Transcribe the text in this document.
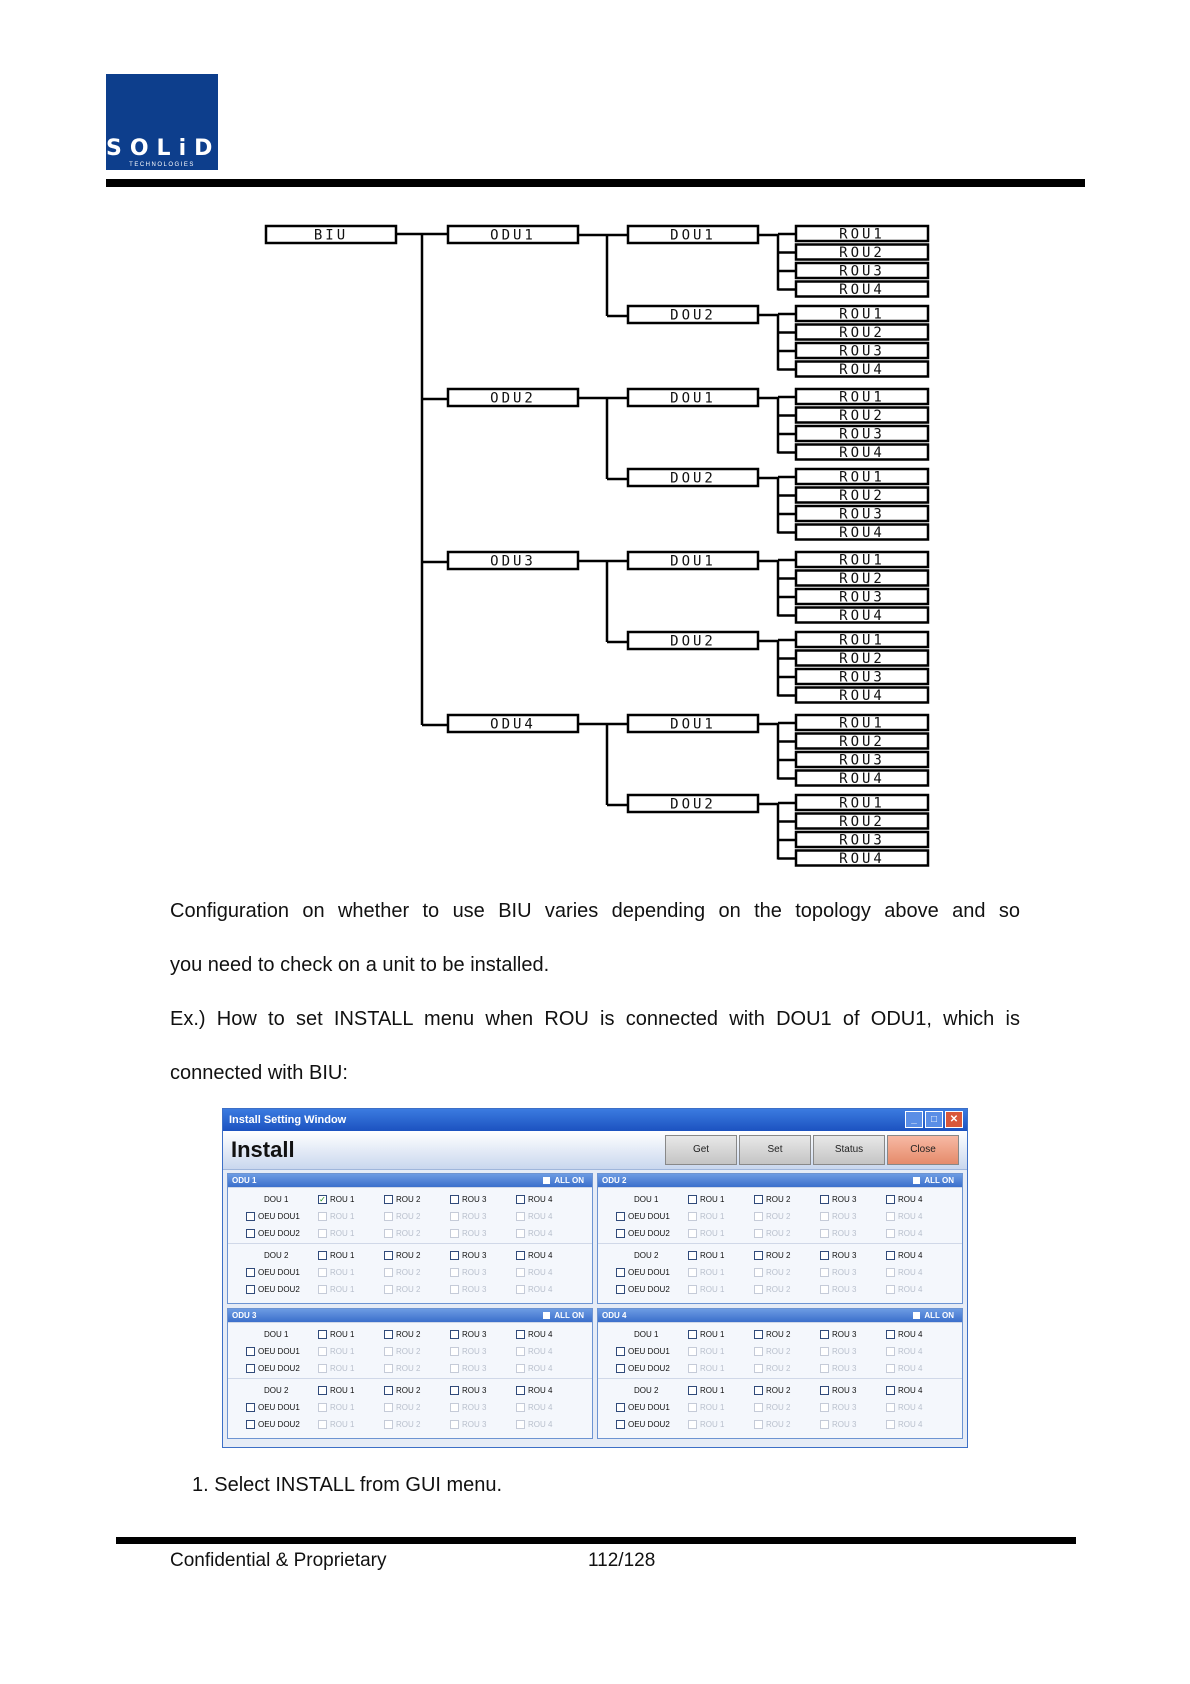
SOLiD
TECHNOLOGIES
BIU	ODU1	DOU1	ROU1
ROU2
ROU3
ROU4
DOU2	ROU1
ROU2
ROU3
ROU4
ODU2	DOU1	ROU1
ROU2
ROU3
ROU4
DOU2	ROU1
ROU2
ROU3
ROU4
ODU3	DOU1	ROU1
ROU2
ROU3
ROU4
DOU2	ROU1
ROU2
ROU3
ROU4
ODU4	DOU1	ROU1
ROU2
ROU3
ROU4
DOU2	ROU1
ROU2
ROU3
ROU4
Configuration on whether to use BIU varies depending on the topology above and so
you need to check on a unit to be installed.
Ex.) How to set INSTALL menu when ROU is connected with DOU1 of ODU1, which is
connected with BIU:
Install Setting Window	_	□	✕
Install	Get	Set	Status	Close
ODU 1	ALL ON
DOU 1	✓ ROU 1	ROU 2	ROU 3	ROU 4
OEU DOU1	ROU 1	ROU 2	ROU 3	ROU 4
OEU DOU2	ROU 1	ROU 2	ROU 3	ROU 4
DOU 2	ROU 1	ROU 2	ROU 3	ROU 4
OEU DOU1	ROU 1	ROU 2	ROU 3	ROU 4
OEU DOU2	ROU 1	ROU 2	ROU 3	ROU 4
ODU 2	ALL ON
DOU 1	ROU 1	ROU 2	ROU 3	ROU 4
OEU DOU1	ROU 1	ROU 2	ROU 3	ROU 4
OEU DOU2	ROU 1	ROU 2	ROU 3	ROU 4
DOU 2	ROU 1	ROU 2	ROU 3	ROU 4
OEU DOU1	ROU 1	ROU 2	ROU 3	ROU 4
OEU DOU2	ROU 1	ROU 2	ROU 3	ROU 4
ODU 3	ALL ON
DOU 1	ROU 1	ROU 2	ROU 3	ROU 4
OEU DOU1	ROU 1	ROU 2	ROU 3	ROU 4
OEU DOU2	ROU 1	ROU 2	ROU 3	ROU 4
DOU 2	ROU 1	ROU 2	ROU 3	ROU 4
OEU DOU1	ROU 1	ROU 2	ROU 3	ROU 4
OEU DOU2	ROU 1	ROU 2	ROU 3	ROU 4
ODU 4	ALL ON
DOU 1	ROU 1	ROU 2	ROU 3	ROU 4
OEU DOU1	ROU 1	ROU 2	ROU 3	ROU 4
OEU DOU2	ROU 1	ROU 2	ROU 3	ROU 4
DOU 2	ROU 1	ROU 2	ROU 3	ROU 4
OEU DOU1	ROU 1	ROU 2	ROU 3	ROU 4
OEU DOU2	ROU 1	ROU 2	ROU 3	ROU 4
1. Select INSTALL from GUI menu.
Confidential & Proprietary	112/128
